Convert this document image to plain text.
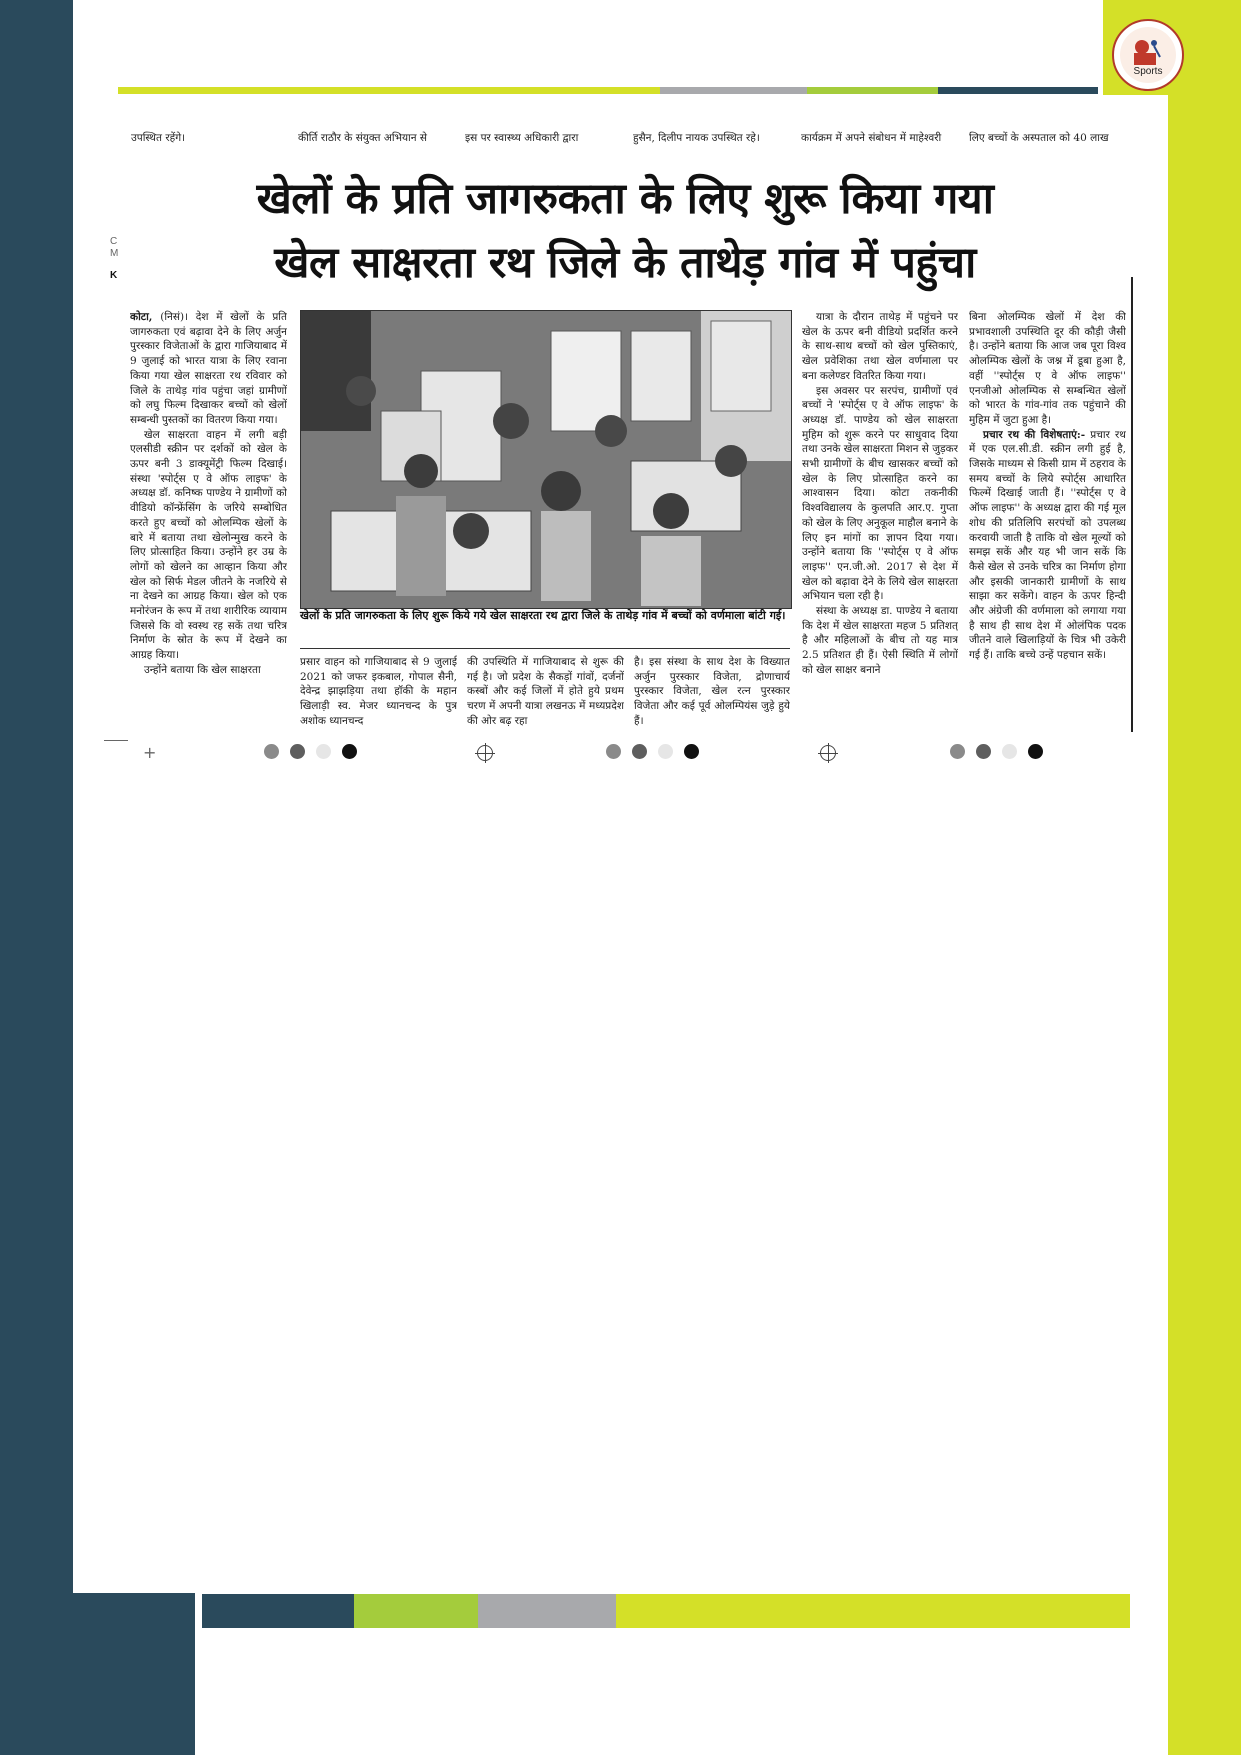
Sports
उपस्थित रहेंगे।	कीर्ति राठौर के संयुक्त अभियान से	इस पर स्वास्थ्य अधिकारी द्वारा	हुसैन, दिलीप नायक उपस्थित रहे।	कार्यक्रम में अपने संबोधन में माहेश्वरी	लिए बच्चों के अस्पताल को 40 लाख
C
M
K
खेलों के प्रति जागरुकता के लिए शुरू किया गया
खेल साक्षरता रथ जिले के ताथेड़ गांव में पहुंचा

कोटा, (निसं)। देश में खेलों के प्रति जागरुकता एवं बढ़ावा देने के लिए अर्जुन पुरस्कार विजेताओं के द्वारा गाजियाबाद में 9 जुलाई को भारत यात्रा के लिए रवाना किया गया खेल साक्षरता रथ रविवार को जिले के ताथेड़ गांव पहुंचा जहां ग्रामीणों को लघु फिल्म दिखाकर बच्चों को खेलों सम्बन्धी पुस्तकों का वितरण किया गया।

खेल साक्षरता वाहन में लगी बड़ी एलसीडी स्क्रीन पर दर्शकों को खेल के ऊपर बनी 3 डाक्यूमेंट्री फिल्म दिखाई। संस्था 'स्पोर्ट्स ए वे ऑफ लाइफ' के अध्यक्ष डॉ. कनिष्क पाण्डेय ने ग्रामीणों को वीडियो कॉन्फ्रेंसिंग के जरिये सम्बोधित करते हुए बच्चों को ओलम्पिक खेलों के बारे में बताया तथा खेलोन्मुख करने के लिए प्रोत्साहित किया। उन्होंने हर उम्र के लोगों को खेलने का आव्हान किया और खेल को सिर्फ मेडल जीतने के नजरिये से ना देखने का आग्रह किया। खेल को एक मनोरंजन के रूप में तथा शारीरिक व्यायाम जिससे कि वो स्वस्थ रह सकें तथा चरित्र निर्माण के स्रोत के रूप में देखने का आग्रह किया।

उन्होंने बताया कि खेल साक्षरता

खेलों के प्रति जागरुकता के लिए शुरू किये गये खेल साक्षरता रथ द्वारा जिले के ताथेड़ गांव में बच्चों को वर्णमाला बांटी गई।

प्रसार वाहन को गाजियाबाद से 9 जुलाई 2021 को जफर इकबाल, गोपाल सैनी, देवेन्द्र झाझड़िया तथा हॉकी के महान खिलाड़ी स्व. मेजर ध्यानचन्द के पुत्र अशोक ध्यानचन्द

की उपस्थिति में गाजियाबाद से शुरू की गई है। जो प्रदेश के सैकड़ों गांवों, दर्जनों कस्बों और कई जिलों में होते हुये प्रथम चरण में अपनी यात्रा लखनऊ में मध्यप्रदेश की ओर बढ़ रहा

है। इस संस्था के साथ देश के विख्यात अर्जुन पुरस्कार विजेता, द्रोणाचार्य पुरस्कार विजेता, खेल रत्न पुरस्कार विजेता और कई पूर्व ओलम्पियंस जुड़े हुये हैं।

यात्रा के दौरान ताथेड़ में पहुंचने पर खेल के ऊपर बनी वीडियो प्रदर्शित करने के साथ-साथ बच्चों को खेल पुस्तिकाएं, खेल प्रवेशिका तथा खेल वर्णमाला पर बना कलेण्डर वितरित किया गया।

इस अवसर पर सरपंच, ग्रामीणों एवं बच्चों ने 'स्पोर्ट्स ए वे ऑफ लाइफ' के अध्यक्ष डॉ. पाण्डेय को खेल साक्षरता मुहिम को शुरू करने पर साधुवाद दिया तथा उनके खेल साक्षरता मिशन से जुड़कर सभी ग्रामीणों के बीच खासकर बच्चों को खेल के लिए प्रोत्साहित करने का आश्वासन दिया। कोटा तकनीकी विश्वविद्यालय के कुलपति आर.ए. गुप्ता को खेल के लिए अनुकूल माहौल बनाने के लिए इन मांगों का ज्ञापन दिया गया। उन्होंने बताया कि ''स्पोर्ट्स ए वे ऑफ लाइफ'' एन.जी.ओ. 2017 से देश में खेल को बढ़ावा देने के लिये खेल साक्षरता अभियान चला रही है।

संस्था के अध्यक्ष डा. पाण्डेय ने बताया कि देश में खेल साक्षरता महज 5 प्रतिशत् है और महिलाओं के बीच तो यह मात्र 2.5 प्रतिशत ही हैं। ऐसी स्थिति में लोगों को खेल साक्षर बनाने

बिना ओलम्पिक खेलों में देश की प्रभावशाली उपस्थिति दूर की कौड़ी जैसी है। उन्होंने बताया कि आज जब पूरा विश्व ओलम्पिक खेलों के जश्न में डूबा हुआ है, वहीं ''स्पोर्ट्स ए वे ऑफ लाइफ'' एनजीओ ओलम्पिक से सम्बन्धित खेलों को भारत के गांव-गांव तक पहुंचाने की मुहिम में जुटा हुआ है।

प्रचार रथ की विशेषताएं:- प्रचार रथ में एक एल.सी.डी. स्क्रीन लगी हुई है, जिसके माध्यम से किसी ग्राम में ठहराव के समय बच्चों के लिये स्पोर्ट्स आधारित फिल्में दिखाई जाती हैं। ''स्पोर्ट्स ए वे ऑफ लाइफ'' के अध्यक्ष द्वारा की गई मूल शोध की प्रतिलिपि सरपंचों को उपलब्ध करवायी जाती है ताकि वो खेल मूल्यों को समझ सकें और यह भी जान सकें कि कैसे खेल से उनके चरित्र का निर्माण होगा और इसकी जानकारी ग्रामीणों के साथ साझा कर सकेंगे। वाहन के ऊपर हिन्दी और अंग्रेजी की वर्णमाला को लगाया गया है साथ ही साथ देश में ओलंपिक पदक जीतने वाले खिलाड़ियों के चित्र भी उकेरी गई हैं। ताकि बच्चे उन्हें पहचान सकें।

+
